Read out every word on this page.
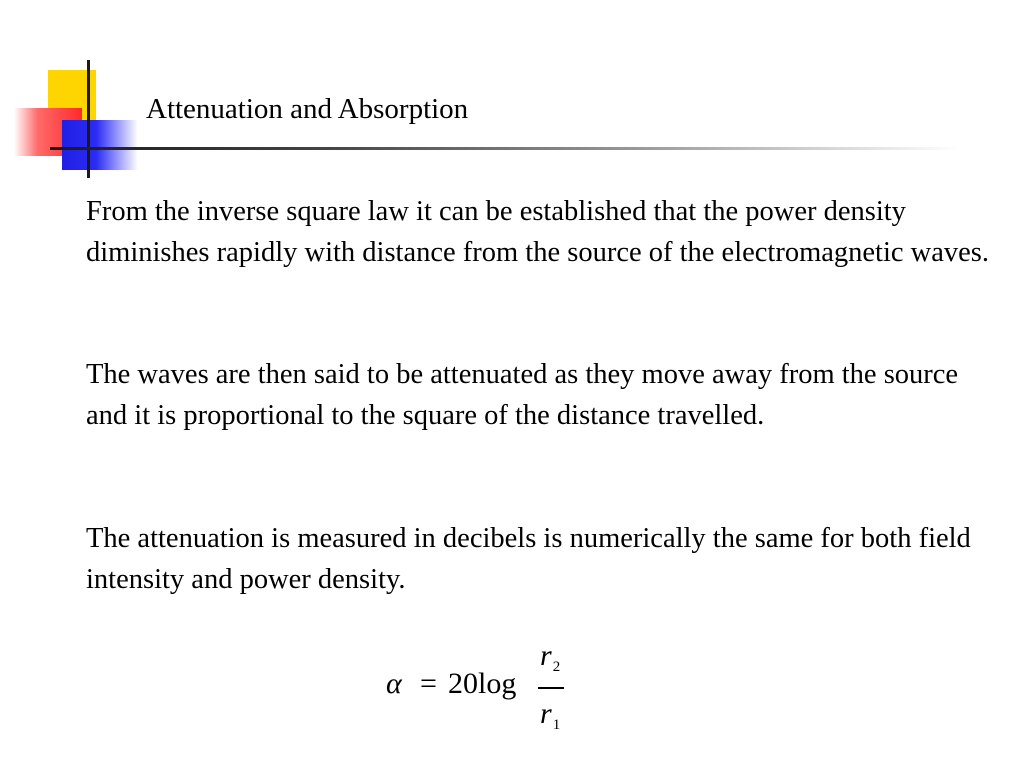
Attenuation and Absorption

From the inverse square law it can be established that the power density diminishes rapidly with distance from the source of the electromagnetic waves.

The waves are then said to be attenuated as they move away from the source and it is proportional to the square of the distance travelled.

The attenuation is measured in decibels is numerically the same for both field intensity and power density.

α = 20 log
$r_2$
$r_1$
